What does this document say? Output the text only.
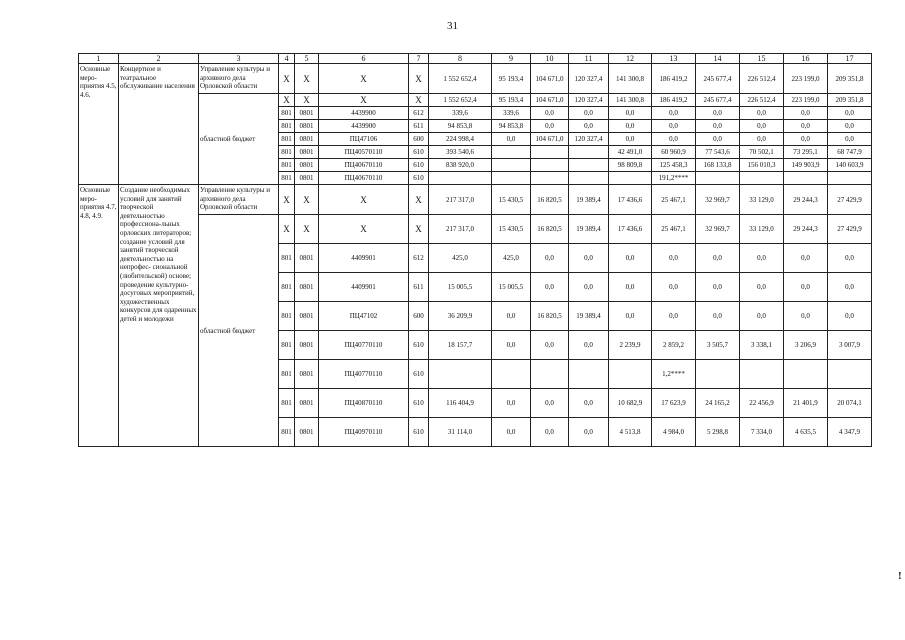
31
1	2	3	4	5	6	7	8	9	10	11	12	13	14	15	16	17
Основные меро- приятия 4.5, 4.6.	Концертное и театральное обслуживание населения	Управление культуры и архивного дела Орловской области	X	X	X	X	1 552 652,4	95 193,4	104 671,0	120 327,4	141 300,8	186 419,2	245 677,4	226 512,4	223 199,0	209 351,8
		областной бюджет	X	X	X	X	1 552 652,4	95 193,4	104 671,0	120 327,4	141 300,8	186 419,2	245 677,4	226 512,4	223 199,0	209 351,8
			801	0801	4439900	612	339,6	339,6	0,0	0,0	0,0	0,0	0,0	0,0	0,0	0,0
			801	0801	4439900	611	94 853,8	94 853,8	0,0	0,0	0,0	0,0	0,0	0,0	0,0	0,0
			801	0801	ПЦ47106	600	224 998,4	0,0	104 671,0	120 327,4	0,0	0,0	0,0	0,0	0,0	0,0
			801	0801	ПЦ40570110	610	393 540,6				42 491,0	60 960,9	77 543,6	70 502,1	73 295,1	68 747,9
			801	0801	ПЦ40670110	610	838 920,0				98 809,8	125 458,3	168 133,8	156 010,3	149 903,9	140 603,9
			801	0801	ПЦ40670110	610						191,2****				
Основные меро- приятия 4.7, 4.8, 4.9.	Создание необходимых условий для занятий творческой деятельностью профессиона-льных орловских литераторов; создание условий для занятий творческой деятельностью на непрофес- сиональной (любительской) основе; проведение культурно- досуговых мероприятий, художественных конкурсов для одаренных детей и молодежи	Управление культуры и архивного дела Орловской области	X	X	X	X	217 317,0	15 430,5	16 820,5	19 389,4	17 436,6	25 467,1	32 969,7	33 129,0	29 244,3	27 429,9
		областной бюджет	X	X	X	X	217 317,0	15 430,5	16 820,5	19 389,4	17 436,6	25 467,1	32 969,7	33 129,0	29 244,3	27 429,9
			801	0801	4409901	612	425,0	425,0	0,0	0,0	0,0	0,0	0,0	0,0	0,0	0,0
			801	0801	4409901	611	15 005,5	15 005,5	0,0	0,0	0,0	0,0	0,0	0,0	0,0	0,0
			801	0801	ПЦ47102	600	36 209,9	0,0	16 820,5	19 389,4	0,0	0,0	0,0	0,0	0,0	0,0
			801	0801	ПЦ40770110	610	18 157,7	0,0	0,0	0,0	2 239,9	2 859,2	3 505,7	3 338,1	3 206,9	3 007,9
			801	0801	ПЦ40770110	610						1,2****				
			801	0801	ПЦ40870110	610	116 404,9	0,0	0,0	0,0	10 682,9	17 623,9	24 165,2	22 456,9	21 401,9	20 074,1
			801	0801	ПЦ40970110	610	31 114,0	0,0	0,0	0,0	4 513,8	4 984,0	5 298,8	7 334,0	4 635,5	4 347,9
!
